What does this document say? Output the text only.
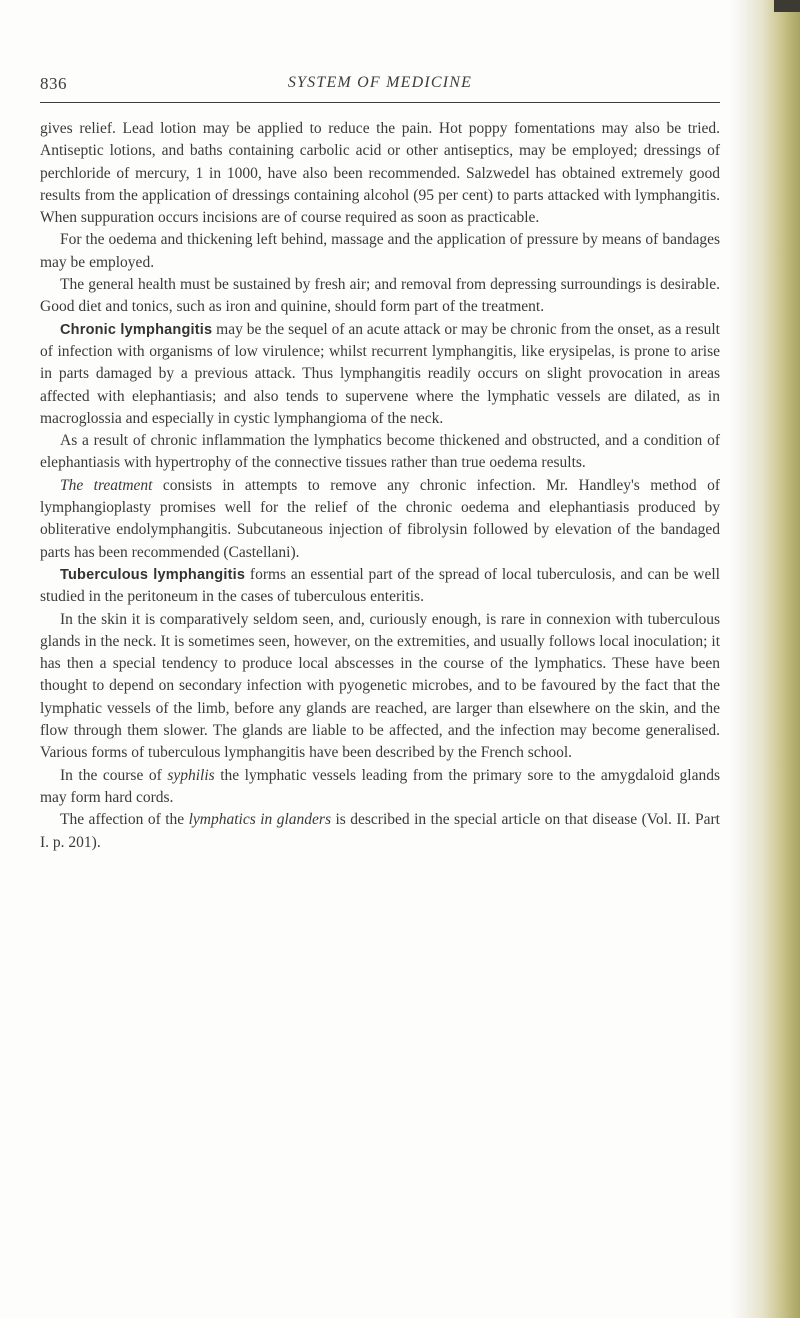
836	SYSTEM OF MEDICINE

gives relief. Lead lotion may be applied to reduce the pain. Hot poppy fomentations may also be tried. Antiseptic lotions, and baths containing carbolic acid or other antiseptics, may be employed; dressings of perchloride of mercury, 1 in 1000, have also been recommended. Salzwedel has obtained extremely good results from the application of dressings containing alcohol (95 per cent) to parts attacked with lymphangitis. When suppuration occurs incisions are of course required as soon as practicable.

For the oedema and thickening left behind, massage and the application of pressure by means of bandages may be employed.

The general health must be sustained by fresh air; and removal from depressing surroundings is desirable. Good diet and tonics, such as iron and quinine, should form part of the treatment.

Chronic lymphangitis may be the sequel of an acute attack or may be chronic from the onset, as a result of infection with organisms of low virulence; whilst recurrent lymphangitis, like erysipelas, is prone to arise in parts damaged by a previous attack. Thus lymphangitis readily occurs on slight provocation in areas affected with elephantiasis; and also tends to supervene where the lymphatic vessels are dilated, as in macroglossia and especially in cystic lymphangioma of the neck.

As a result of chronic inflammation the lymphatics become thickened and obstructed, and a condition of elephantiasis with hypertrophy of the connective tissues rather than true oedema results.

The treatment consists in attempts to remove any chronic infection. Mr. Handley's method of lymphangioplasty promises well for the relief of the chronic oedema and elephantiasis produced by obliterative endolymphangitis. Subcutaneous injection of fibrolysin followed by elevation of the bandaged parts has been recommended (Castellani).

Tuberculous lymphangitis forms an essential part of the spread of local tuberculosis, and can be well studied in the peritoneum in the cases of tuberculous enteritis.

In the skin it is comparatively seldom seen, and, curiously enough, is rare in connexion with tuberculous glands in the neck. It is sometimes seen, however, on the extremities, and usually follows local inoculation; it has then a special tendency to produce local abscesses in the course of the lymphatics. These have been thought to depend on secondary infection with pyogenetic microbes, and to be favoured by the fact that the lymphatic vessels of the limb, before any glands are reached, are larger than elsewhere on the skin, and the flow through them slower. The glands are liable to be affected, and the infection may become generalised. Various forms of tuberculous lymphangitis have been described by the French school.

In the course of syphilis the lymphatic vessels leading from the primary sore to the amygdaloid glands may form hard cords.

The affection of the lymphatics in glanders is described in the special article on that disease (Vol. II. Part I. p. 201).
